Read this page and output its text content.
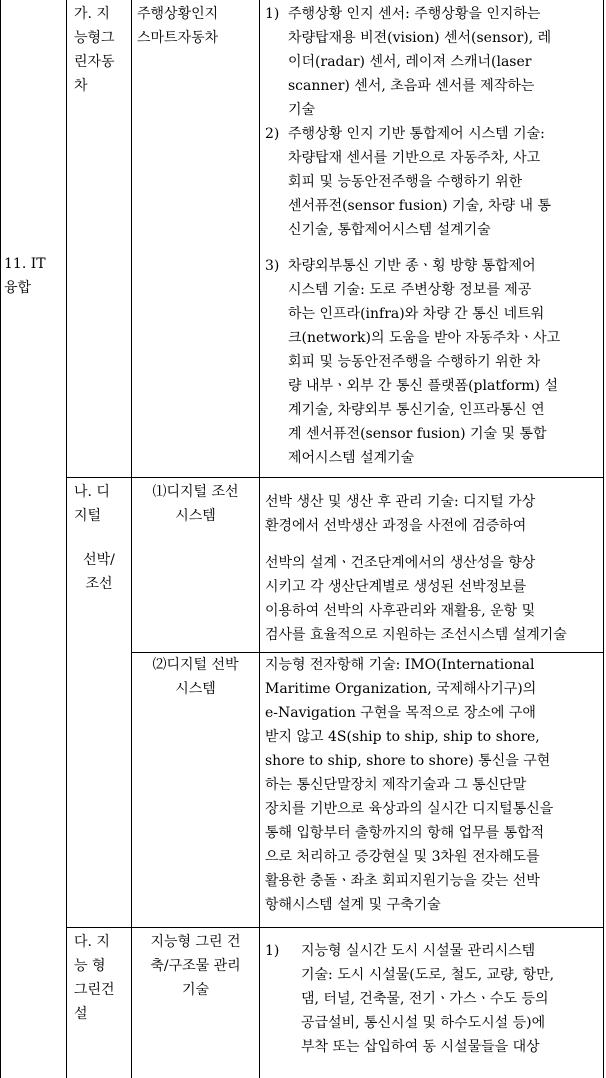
11. IT
융합
가. 지
능형그
린자동
차
주행상황인지
스마트자동차
1) 주행상황 인지 센서: 주행상황을 인지하는
차량탑재용 비젼(vision) 센서(sensor), 레
이더(radar) 센서, 레이져 스캐너(laser
scanner) 센서, 초음파 센서를 제작하는
기술
2) 주행상황 인지 기반 통합제어 시스템 기술:
차량탑재 센서를 기반으로 자동주차, 사고
회피 및 능동안전주행을 수행하기 위한
센서퓨전(sensor fusion) 기술, 차량 내 통
신기술, 통합제어시스템 설계기술
3) 차량외부통신 기반 종ㆍ횡 방향 통합제어
시스템 기술: 도로 주변상황 정보를 제공
하는 인프라(infra)와 차량 간 통신 네트워
크(network)의 도움을 받아 자동주차ㆍ사고
회피 및 능동안전주행을 수행하기 위한 차
량 내부ㆍ외부 간 통신 플랫폼(platform) 설
계기술, 차량외부 통신기술, 인프라통신 연
계 센서퓨전(sensor fusion) 기술 및 통합
제어시스템 설계기술
나. 디
지털
선박/
조선
⑴디지털 조선
시스템
선박 생산 및 생산 후 관리 기술: 디지털 가상
환경에서 선박생산 과정을 사전에 검증하여
선박의 설계ㆍ건조단계에서의 생산성을 향상
시키고 각 생산단계별로 생성된 선박정보를
이용하여 선박의 사후관리와 재활용, 운항 및
검사를 효율적으로 지원하는 조선시스템 설계기술
⑵디지털 선박
시스템
지능형 전자항해 기술: IMO(International
Maritime Organization, 국제해사기구)의
e-Navigation 구현을 목적으로 장소에 구애
받지 않고 4S(ship to ship, ship to shore,
shore to ship, shore to shore) 통신을 구현
하는 통신단말장치 제작기술과 그 통신단말
장치를 기반으로 육상과의 실시간 디지털통신을
통해 입항부터 출항까지의 항해 업무를 통합적
으로 처리하고 증강현실 및 3차원 전자해도를
활용한 충돌ㆍ좌초 회피지원기능을 갖는 선박
항해시스템 설계 및 구축기술
다. 지
능 형
그린건
설
지능형 그린 건
축/구조물 관리
기술
1) 지능형 실시간 도시 시설물 관리시스템
기술: 도시 시설물(도로, 철도, 교량, 항만,
댐, 터널, 건축물, 전기ㆍ가스ㆍ수도 등의
공급설비, 통신시설 및 하수도시설 등)에
부착 또는 삽입하여 동 시설물들을 대상
